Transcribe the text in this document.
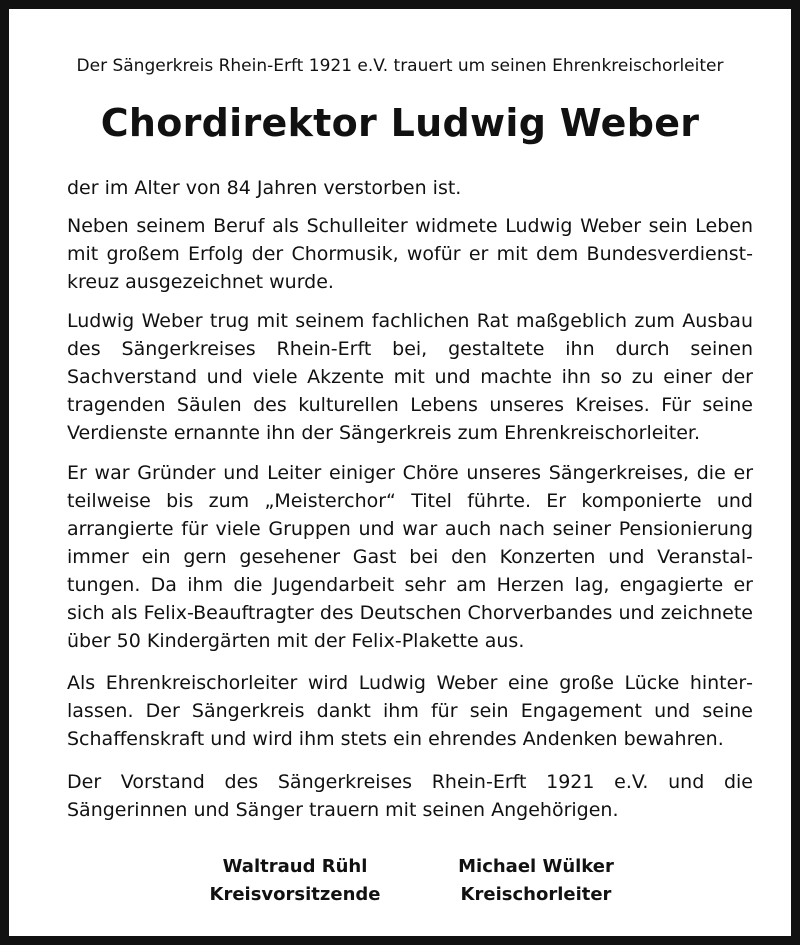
Der Sängerkreis Rhein-Erft 1921 e.V. trauert um seinen Ehrenkreischorleiter
Chordirektor Ludwig Weber

der im Alter von 84 Jahren verstorben ist.

Neben seinem Beruf als Schulleiter widmete Ludwig Weber sein Leben mit großem Erfolg der Chormusik, wofür er mit dem Bundesverdienstkreuz ausgezeichnet wurde.

Ludwig Weber trug mit seinem fachlichen Rat maßgeblich zum Ausbau des Sängerkreises Rhein-Erft bei, gestaltete ihn durch seinen Sachverstand und viele Akzente mit und machte ihn so zu einer der tragenden Säulen des kulturellen Lebens unseres Kreises. Für seine Verdienste ernannte ihn der Sängerkreis zum Ehrenkreischorleiter.

Er war Gründer und Leiter einiger Chöre unseres Sängerkreises, die er teilweise bis zum „Meisterchor“ Titel führte. Er komponierte und arrangierte für viele Gruppen und war auch nach seiner Pensionierung immer ein gern gesehener Gast bei den Konzerten und Veranstaltungen. Da ihm die Jugendarbeit sehr am Herzen lag, engagierte er sich als Felix-Beauftragter des Deutschen Chorverbandes und zeichnete über 50 Kindergärten mit der Felix-Plakette aus.

Als Ehrenkreischorleiter wird Ludwig Weber eine große Lücke hinterlassen. Der Sängerkreis dankt ihm für sein Engagement und seine Schaffenskraft und wird ihm stets ein ehrendes Andenken bewahren.

Der Vorstand des Sängerkreises Rhein-Erft 1921 e.V. und die Sängerinnen und Sänger trauern mit seinen Angehörigen.

Waltraud Rühl
Kreisvorsitzende
Michael Wülker
Kreischorleiter
